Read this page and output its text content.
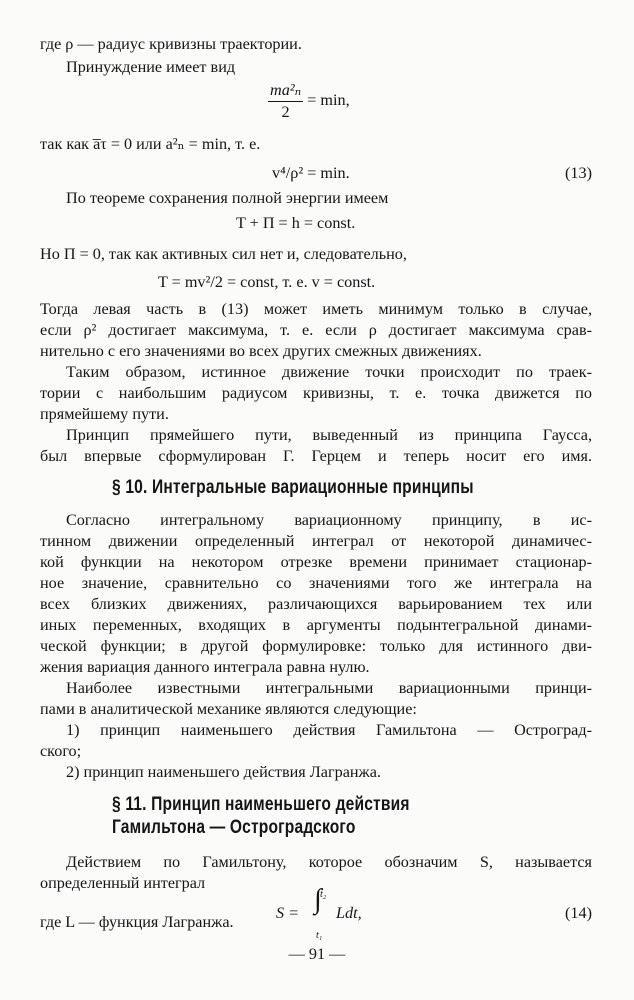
где ρ — радиус кривизны траектории.
Принуждение имеет вид
$\frac{\text{ma²ₙ}}{2} = \min$,
так как a̅τ = 0 или a²ₙ = min, т. е.
v⁴/ρ² = min.	(13)
По теореме сохранения полной энергии имеем
T + П = h = const.
Но П = 0, так как активных сил нет и, следовательно,
T = mv²/2 = const, т. е. v = const.
Тогда левая часть в (13) может иметь минимум только в случае,
если ρ² достигает максимума, т. е. если ρ достигает максимума срав-
нительно с его значениями во всех других смежных движениях.
Таким образом, истинное движение точки происходит по траек-
тории с наибольшим радиусом кривизны, т. е. точка движется по
прямейшему пути.
Принцип прямейшего пути, выведенный из принципа Гаусса,
был впервые сформулирован Г. Герцем и теперь носит его имя.
§ 10. Интегральные вариационные принципы
Согласно интегральному вариационному принципу, в ис-
тинном движении определенный интеграл от некоторой динамичес-
кой функции на некотором отрезке времени принимает стационар-
ное значение, сравнительно со значениями того же интеграла на
всех близких движениях, различающихся варьированием тех или
иных переменных, входящих в аргументы подынтегральной динами-
ческой функции; в другой формулировке: только для истинного дви-
жения вариация данного интеграла равна нулю.
Наиболее известными интегральными вариационными принци-
пами в аналитической механике являются следующие:
1) принцип наименьшего действия Гамильтона — Остроград-
ского;
2) принцип наименьшего действия Лагранжа.
§ 11. Принцип наименьшего действия
Гамильтона — Остроградского
Действием по Гамильтону, которое обозначим S, называется
определенный интеграл
S = ∫
t₂
t₁
Ldt,	(14)
где L — функция Лагранжа.
— 91 —
